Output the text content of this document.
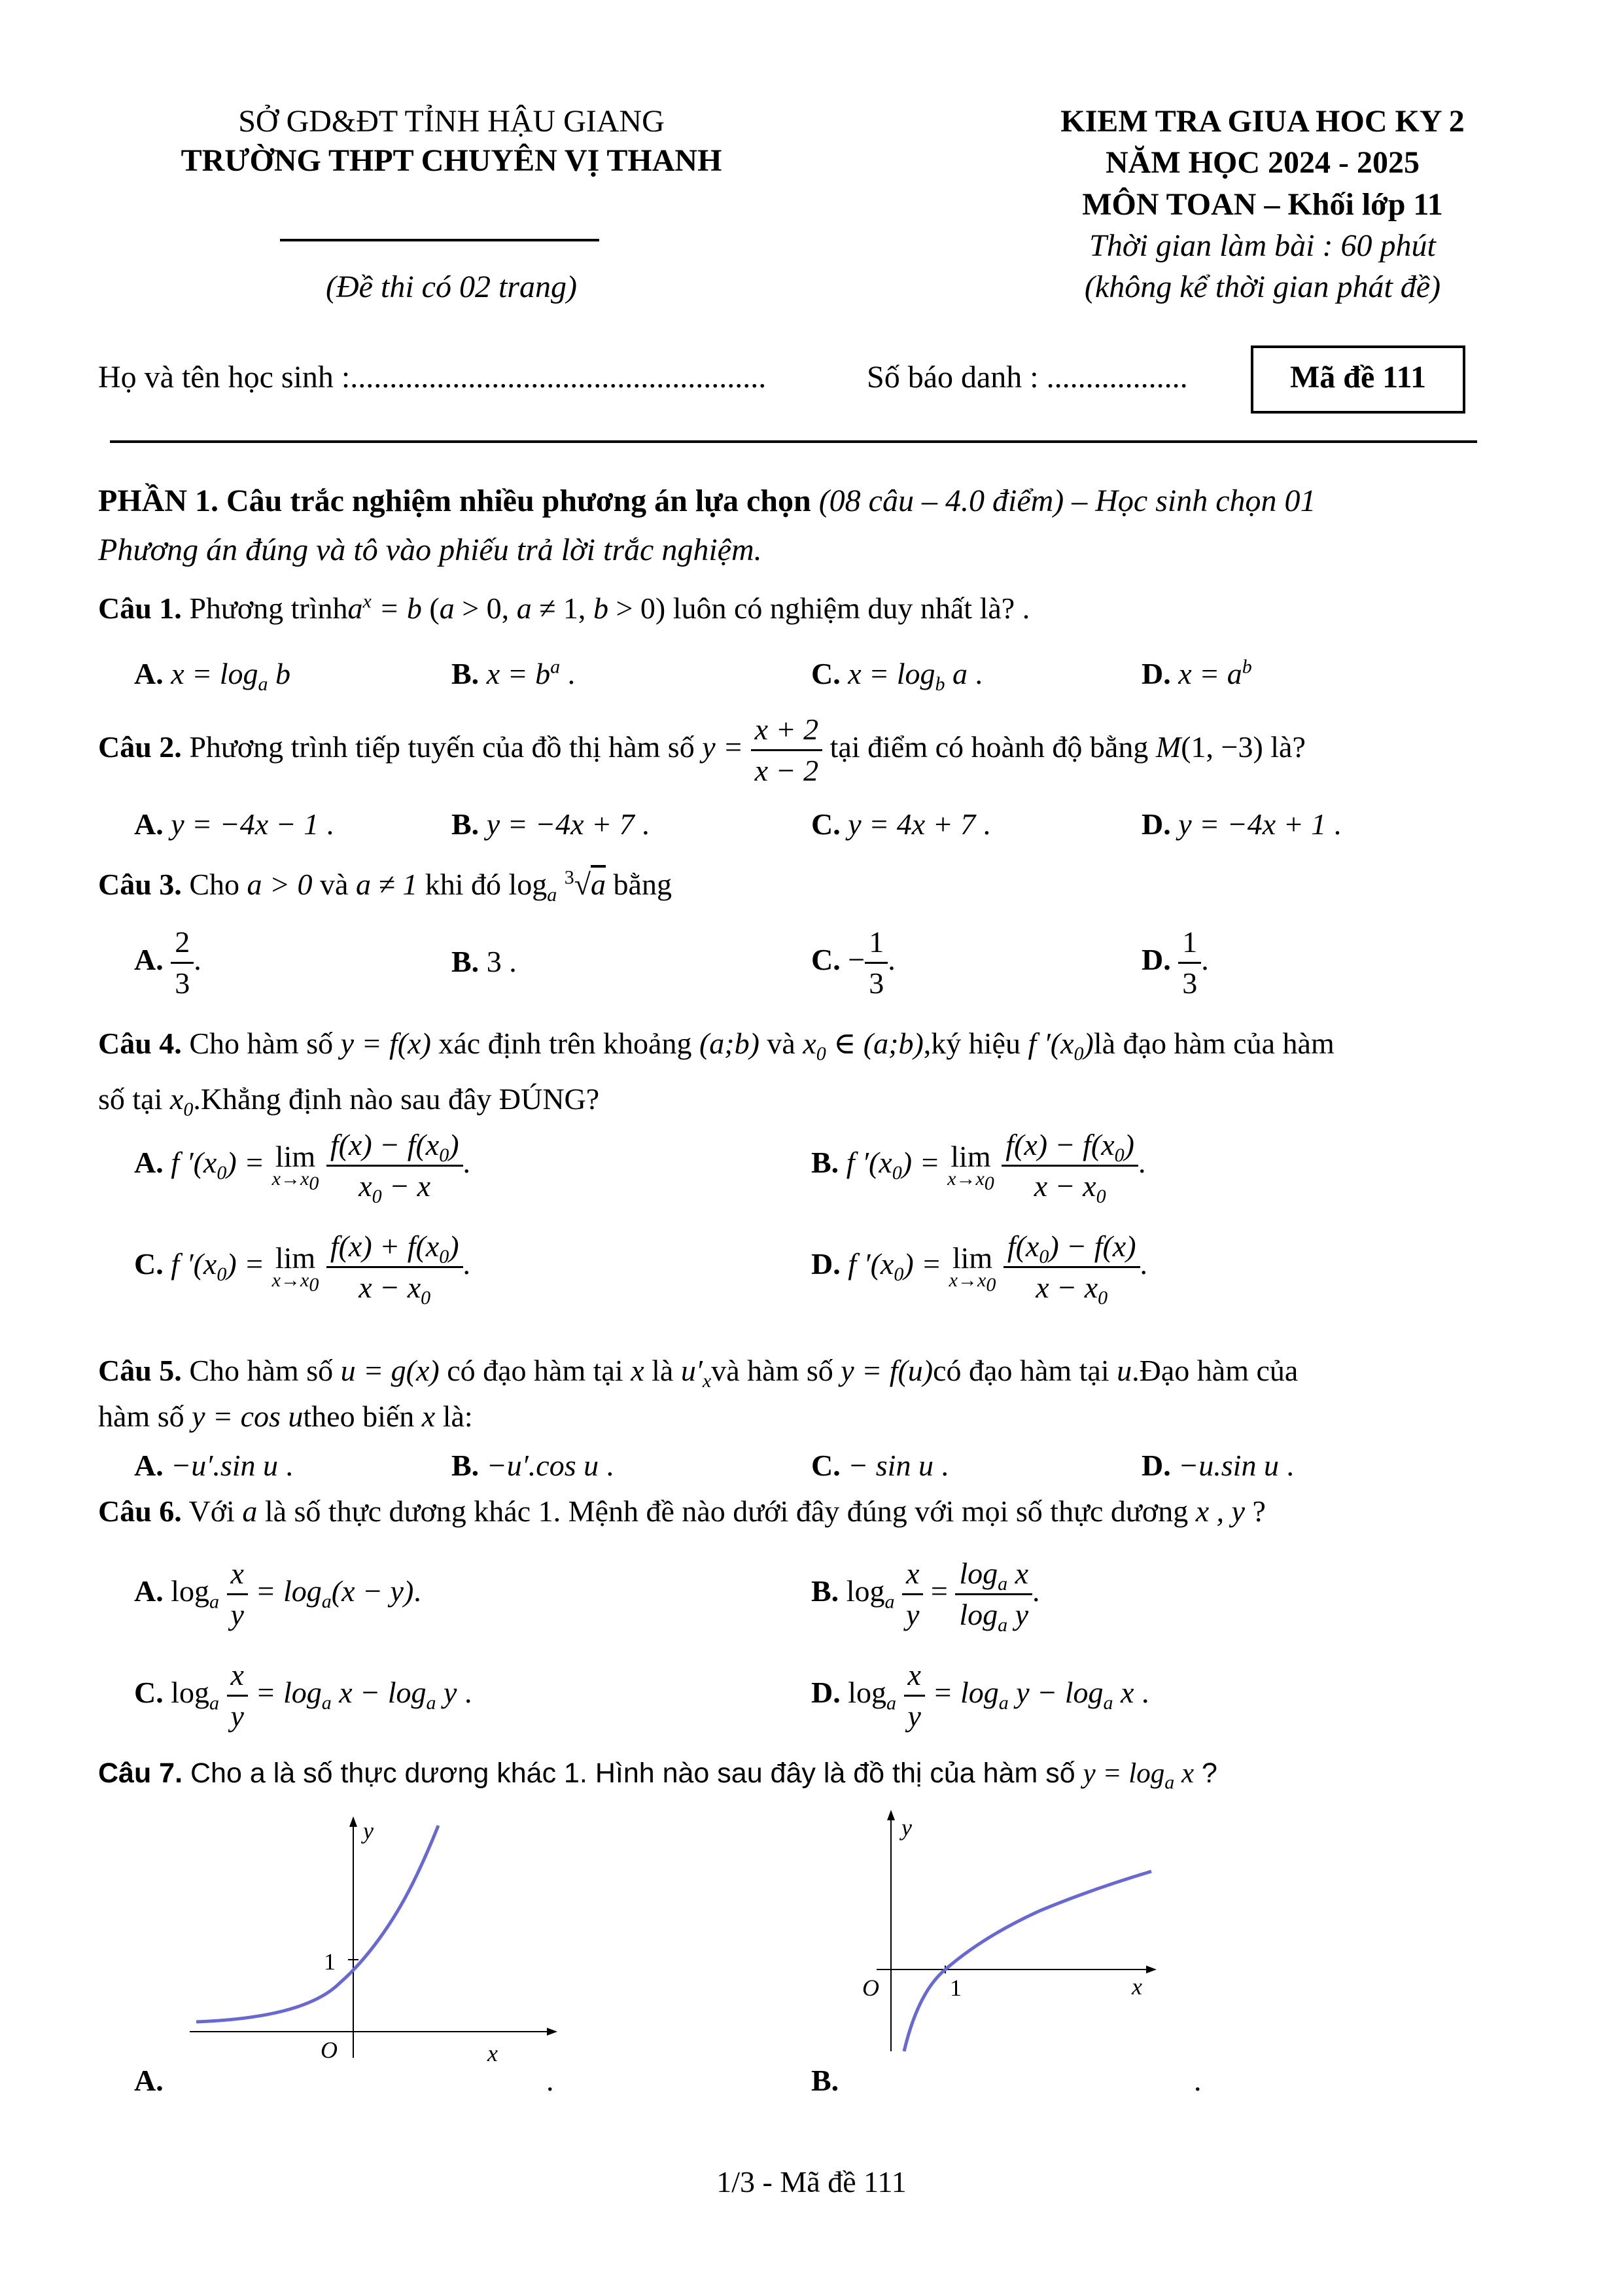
SỞ GD&ĐT TỈNH HẬU GIANG
TRƯỜNG THPT CHUYÊN VỊ THANH
(Đề thi có 02 trang)
KIEM TRA GIUA HOC KY 2
NĂM HỌC 2024 - 2025
MÔN TOAN – Khối lớp 11
Thời gian làm bài : 60 phút
(không kể thời gian phát đề)
Họ và tên học sinh :.....................................................	Số báo danh : ..................	Mã đề 111
PHẦN 1. Câu trắc nghiệm nhiều phương án lựa chọn (08 câu – 4.0 điểm) – Học sinh chọn 01
Phương án đúng và tô vào phiếu trả lời trắc nghiệm.
Câu 1. Phương trìnha$^x$ = b (a > 0, a ≠ 1, b > 0) luôn có nghiệm duy nhất là? .
A. $x = \log_a b$	B. $x = b^a$ .	C. $x = \log_b a$ .	D. $x = a^b$
Câu 2. Phương trình tiếp tuyến của đồ thị hàm số $y = \frac{x + 2}{x - 2}$ tại điểm có hoành độ bằng M(1, −3) là?
A. y = −4x − 1 .	B. y = −4x + 7 .	C. y = 4x + 7 .	D. y = −4x + 1 .
Câu 3. Cho a > 0 và a ≠ 1 khi đó $\log_a ^3√a$ bằng
A. $\frac{2}{3}$ .	B. 3 .	C. − $\frac{1}{3}$ .	D. $\frac{1}{3}$ .
Câu 4. Cho hàm số y = f(x) xác định trên khoảng (a;b) và $x_0$ ∈ (a;b),ký hiệu f $'(x_0)là$ đạo hàm của hàm
số tại $x_0.Khẳng$ định nào sau đây ĐÚNG?
A. f $'(x_0) = \lim$
$x\to x_0$
$\frac{f(x) - f(x_0)}{x_0 - x}$ .	B. f $'(x_0) = \lim$
$x\to x_0$
$\frac{f(x) - f(x_0)}{x - x_0}$ .
C. f $'(x_0) = \lim$
$x\to x_0$
$\frac{f(x) + f(x_0)}{x - x_0}$ .	D. f $'(x_0) = \lim$
$x\to x_0$
$\frac{f(x_0) - f(x)}{x - x_0}$ .
Câu 5. Cho hàm số u = g(x) có đạo hàm tại x là $u'_xvà$ hàm số y = f(u)có đạo hàm tại u.Đạo hàm của
hàm số y = cos utheo biến x là:
A. −u′.sin u .	B. −u′.cos u .	C. − sin u .	D. −u.sin u .
Câu 6. Với a là số thực dương khác 1. Mệnh đề nào dưới đây đúng với mọi số thực dương x , y ?
A. $\log_a \frac{x}{y} = \log_a(x - y)$.	B. $\log_a \frac{x}{y} = \frac{\log_a x}{\log_a y}$ .
C. $\log_a \frac{x}{y} = \log_a x - \log_a y$ .	D. $\log_a \frac{x}{y} = \log_a y - \log_a x$ .
Câu 7. Cho a là số thực dương khác 1. Hình nào sau đây là đồ thị của hàm số $y = \log_a x$ ?
y
x
O
1
A.	.
y
x
O	1
B.	.
1/3 - Mã đề 111
